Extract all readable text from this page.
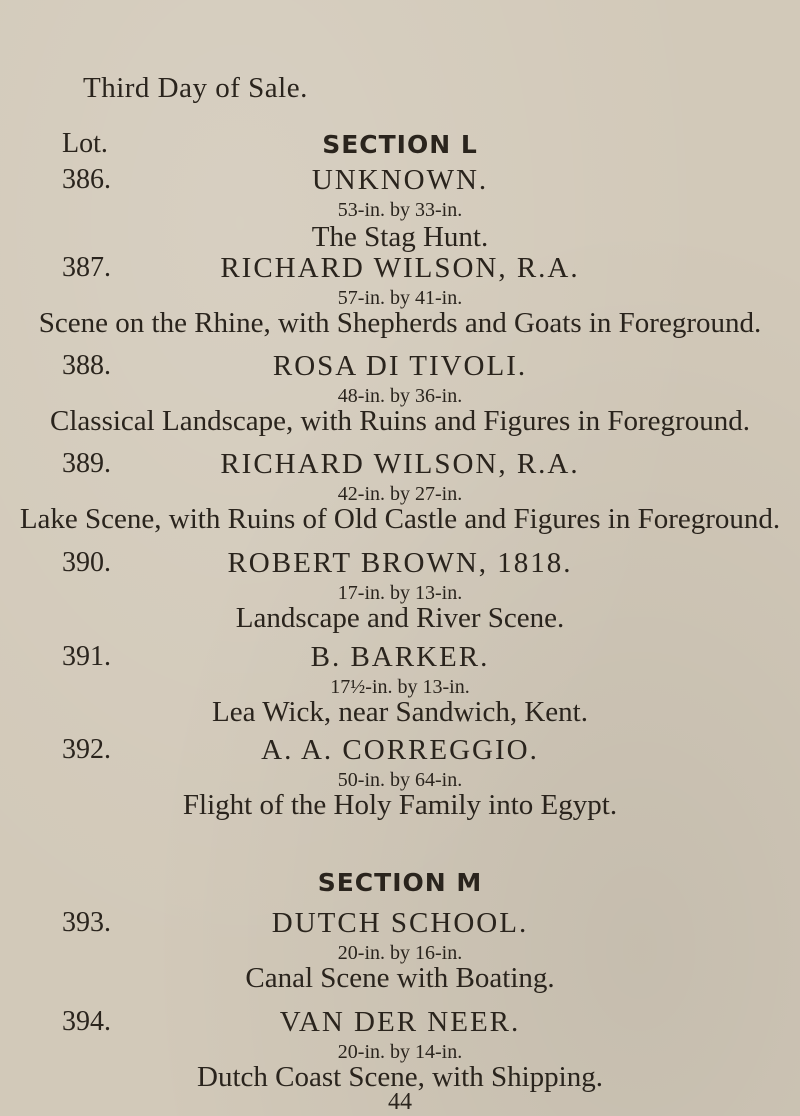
Third Day of Sale.
Lot.	SECTION L
386.	UNKNOWN.
53-in. by 33-in.
The Stag Hunt.
387.	RICHARD WILSON, R.A.
57-in. by 41-in.
Scene on the Rhine, with Shepherds and Goats in Foreground.
388.	ROSA DI TIVOLI.
48-in. by 36-in.
Classical Landscape, with Ruins and Figures in Foreground.
389.	RICHARD WILSON, R.A.
42-in. by 27-in.
Lake Scene, with Ruins of Old Castle and Figures in Foreground.
390.	ROBERT BROWN, 1818.
17-in. by 13-in.
Landscape and River Scene.
391.	B. BARKER.
17½-in. by 13-in.
Lea Wick, near Sandwich, Kent.
392.	A. A. CORREGGIO.
50-in. by 64-in.
Flight of the Holy Family into Egypt.
SECTION M
393.	DUTCH SCHOOL.
20-in. by 16-in.
Canal Scene with Boating.
394.	VAN DER NEER.
20-in. by 14-in.
Dutch Coast Scene, with Shipping.
44
